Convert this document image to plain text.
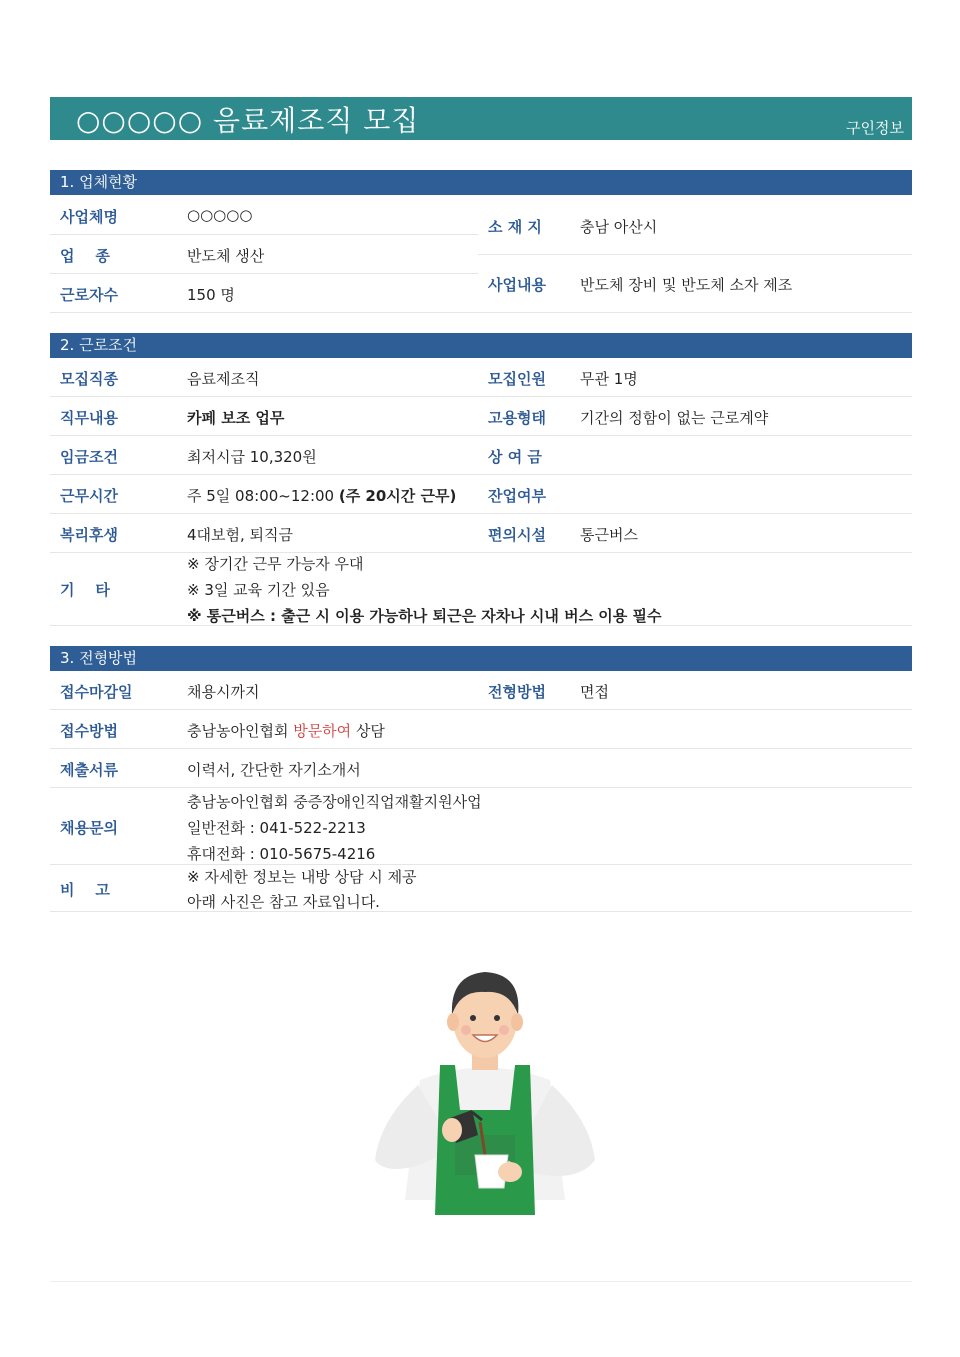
○○○○○ 음료제조직 모집	구인정보
1. 업체현황
사업체명	○○○○○
업    종	반도체 생산
근로자수	150 명
소 재 지	충남 아산시
사업내용 반도체 장비 및 반도체 소자 제조
2. 근로조건
모집직종	음료제조직	모집인원 무관 1명
직무내용	카페 보조 업무	고용형태 기간의 정함이 없는 근로계약
임금조건	최저시급 10,320원	상 여 금
근무시간	주 5일 08:00~12:00 (주 20시간 근무) 잔업여부
복리후생	4대보험, 퇴직금	편의시설 통근버스
기    타
※ 장기간 근무 가능자 우대
※ 3일 교육 기간 있음
※ 통근버스 : 출근 시 이용 가능하나 퇴근은 자차나 시내 버스 이용 필수
3. 전형방법
접수마감일	채용시까지	전형방법 면접
접수방법	충남농아인협회 방문하여 상담
제출서류	이력서, 간단한 자기소개서
채용문의
충남농아인협회 중증장애인직업재활지원사업
일반전화 : 041-522-2213
휴대전화 : 010-5675-4216
비    고
※ 자세한 정보는 내방 상담 시 제공
아래 사진은 참고 자료입니다.
